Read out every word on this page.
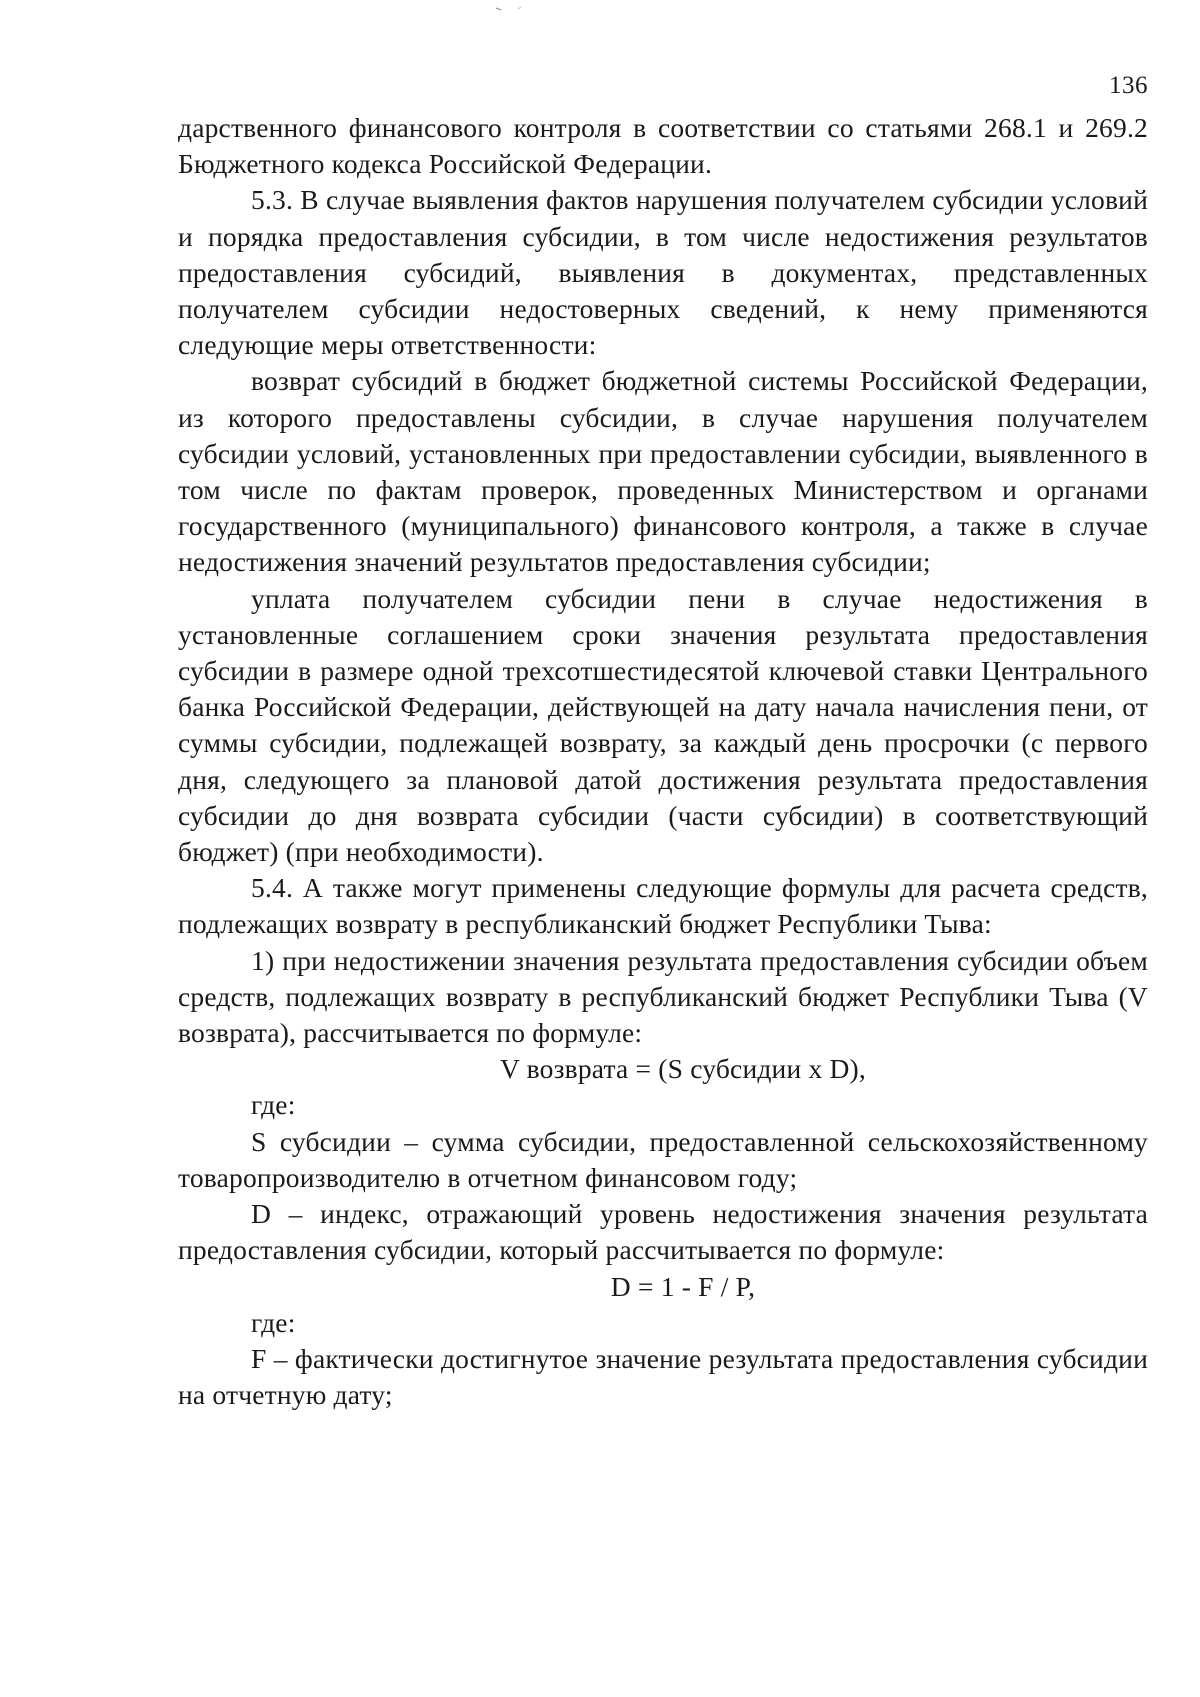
136

дарственного финансового контроля в соответствии со статьями 268.1 и 269.2 Бюджетного кодекса Российской Федерации.

5.3. В случае выявления фактов нарушения получателем субсидии условий и порядка предоставления субсидии, в том числе недостижения результатов предоставления субсидий, выявления в документах, представленных получателем субсидии недостоверных сведений, к нему применяются следующие меры ответственности:

возврат субсидий в бюджет бюджетной системы Российской Федерации, из которого предоставлены субсидии, в случае нарушения получателем субсидии условий, установленных при предоставлении субсидии, выявленного в том числе по фактам проверок, проведенных Министерством и органами государственного (муниципального) финансового контроля, а также в случае недостижения значений результатов предоставления субсидии;

уплата получателем субсидии пени в случае недостижения в установленные соглашением сроки значения результата предоставления субсидии в размере одной трехсотшестидесятой ключевой ставки Центрального банка Российской Федерации, действующей на дату начала начисления пени, от суммы субсидии, подлежащей возврату, за каждый день просрочки (с первого дня, следующего за плановой датой достижения результата предоставления субсидии до дня возврата субсидии (части субсидии) в соответствующий бюджет) (при необходимости).

5.4. А также могут применены следующие формулы для расчета средств, подлежащих возврату в республиканский бюджет Республики Тыва:

1) при недостижении значения результата предоставления субсидии объем средств, подлежащих возврату в республиканский бюджет Республики Тыва (V возврата), рассчитывается по формуле:

V возврата = (S субсидии x D),

где:

S субсидии – сумма субсидии, предоставленной сельскохозяйственному товаропроизводителю в отчетном финансовом году;

D – индекс, отражающий уровень недостижения значения результата предоставления субсидии, который рассчитывается по формуле:

D = 1 - F / P,

где:

F – фактически достигнутое значение результата предоставления субсидии на отчетную дату;
